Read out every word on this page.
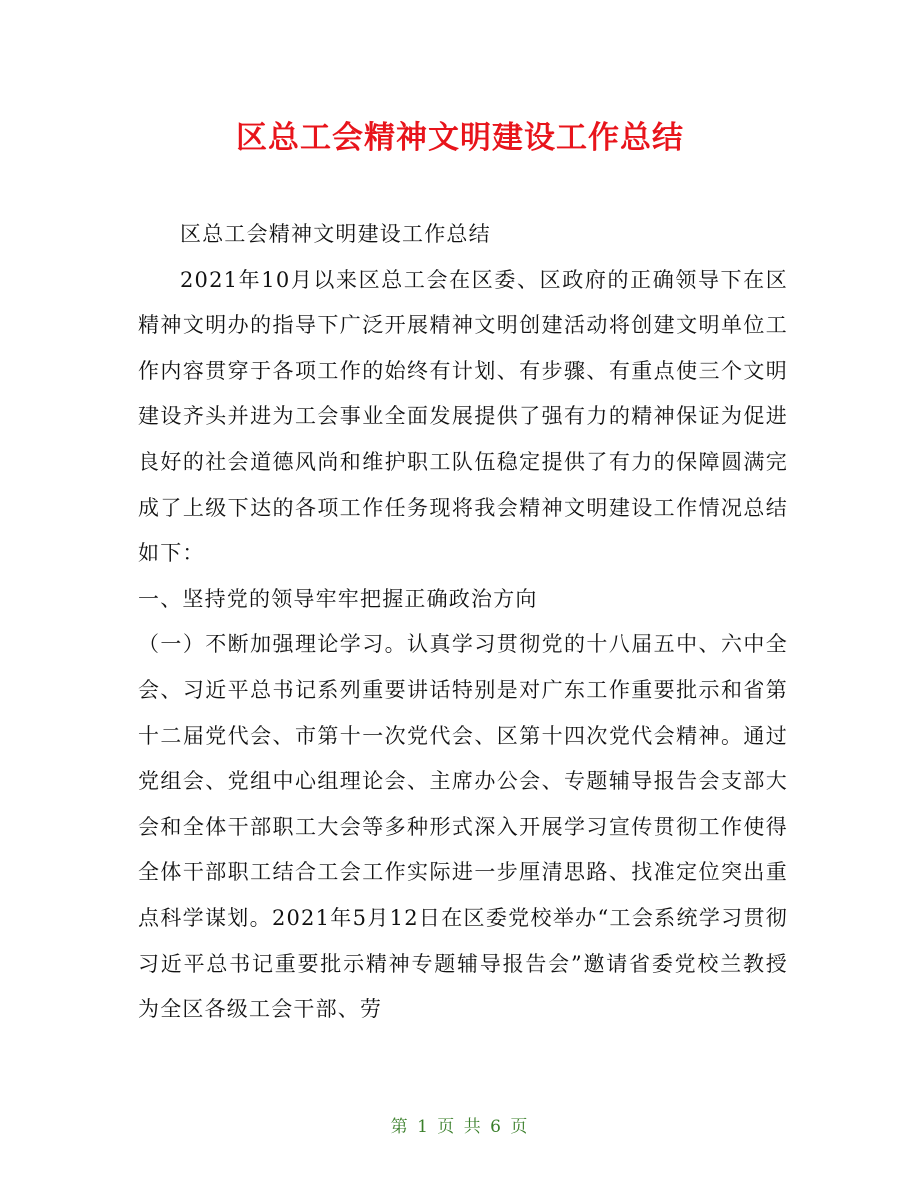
区总工会精神文明建设工作总结

区总工会精神文明建设工作总结

2021年10月以来区总工会在区委、区政府的正确领导下在区精神文明办的指导下广泛开展精神文明创建活动将创建文明单位工作内容贯穿于各项工作的始终有计划、有步骤、有重点使三个文明建设齐头并进为工会事业全面发展提供了强有力的精神保证为促进良好的社会道德风尚和维护职工队伍稳定提供了有力的保障圆满完成了上级下达的各项工作任务现将我会精神文明建设工作情况总结如下：

一、坚持党的领导牢牢把握正确政治方向

（一）不断加强理论学习。认真学习贯彻党的十八届五中、六中全会、习近平总书记系列重要讲话特别是对广东工作重要批示和省第十二届党代会、市第十一次党代会、区第十四次党代会精神。通过党组会、党组中心组理论会、主席办公会、专题辅导报告会支部大会和全体干部职工大会等多种形式深入开展学习宣传贯彻工作使得全体干部职工结合工会工作实际进一步厘清思路、找准定位突出重点科学谋划。2021年5月12日在区委党校举办“工会系统学习贯彻习近平总书记重要批示精神专题辅导报告会”邀请省委党校兰教授为全区各级工会干部、劳

第 1 页 共 6 页
